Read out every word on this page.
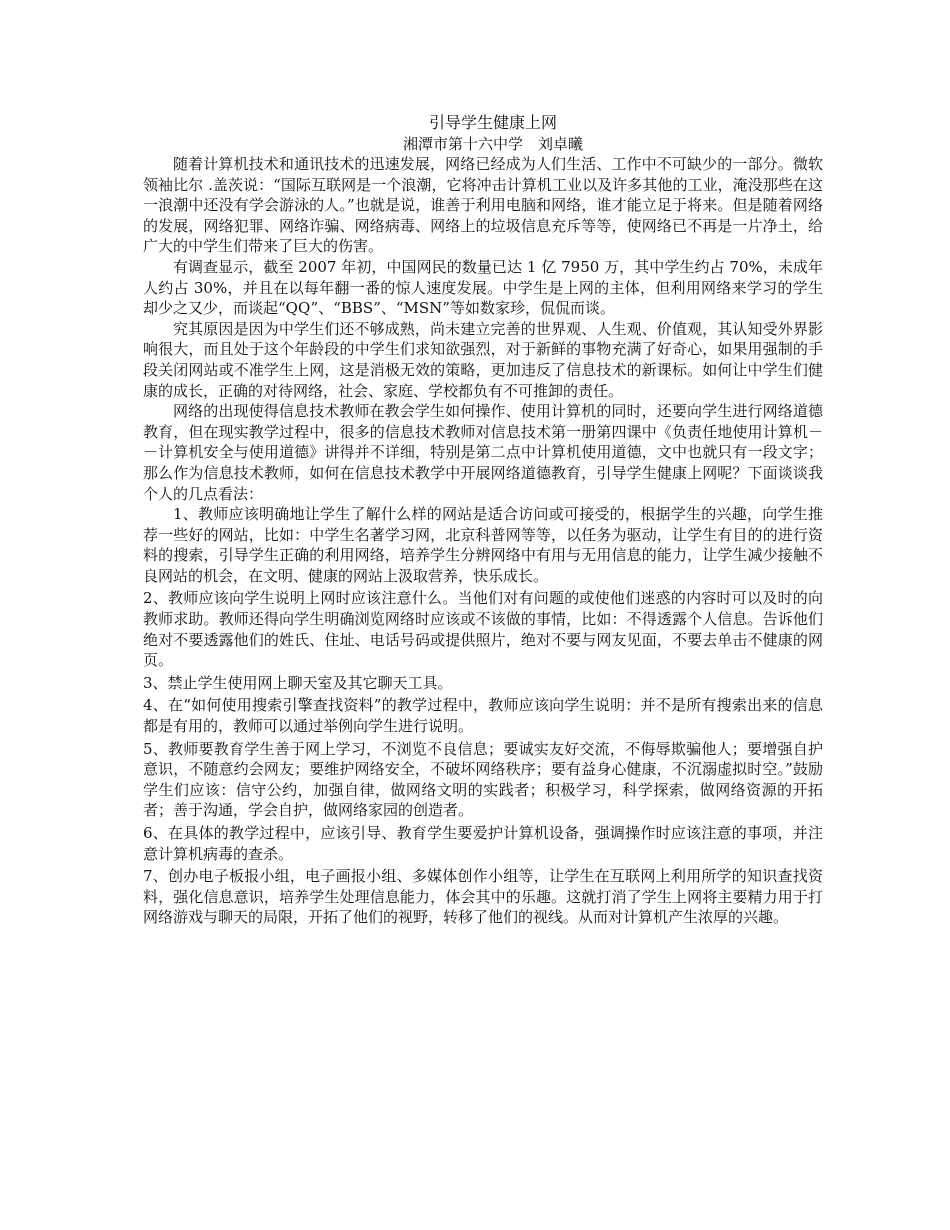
引导学生健康上网
湘潭市第十六中学　刘卓曦

随着计算机技术和通讯技术的迅速发展，网络已经成为人们生活、工作中不可缺少的一部分。微软领袖比尔 .盖茨说：“国际互联网是一个浪潮，它将冲击计算机工业以及许多其他的工业，淹没那些在这一浪潮中还没有学会游泳的人。”也就是说，谁善于利用电脑和网络，谁才能立足于将来。但是随着网络的发展，网络犯罪、网络诈骗、网络病毒、网络上的垃圾信息充斥等等，使网络已不再是一片净土，给广大的中学生们带来了巨大的伤害。

有调查显示，截至 2007 年初，中国网民的数量已达 1 亿 7950 万，其中学生约占 70%，未成年人约占 30%，并且在以每年翻一番的惊人速度发展。中学生是上网的主体，但利用网络来学习的学生却少之又少，而谈起“QQ”、“BBS”、“MSN”等如数家珍，侃侃而谈。

究其原因是因为中学生们还不够成熟，尚未建立完善的世界观、人生观、价值观，其认知受外界影响很大，而且处于这个年龄段的中学生们求知欲强烈，对于新鲜的事物充满了好奇心，如果用强制的手段关闭网站或不准学生上网，这是消极无效的策略，更加违反了信息技术的新课标。如何让中学生们健康的成长，正确的对待网络，社会、家庭、学校都负有不可推卸的责任。

网络的出现使得信息技术教师在教会学生如何操作、使用计算机的同时，还要向学生进行网络道德教育，但在现实教学过程中，很多的信息技术教师对信息技术第一册第四课中《负责任地使用计算机－－计算机安全与使用道德》讲得并不详细，特别是第二点中计算机使用道德，文中也就只有一段文字；那么作为信息技术教师，如何在信息技术教学中开展网络道德教育，引导学生健康上网呢？下面谈谈我个人的几点看法：

1、教师应该明确地让学生了解什么样的网站是适合访问或可接受的，根据学生的兴趣，向学生推荐一些好的网站，比如：中学生名著学习网，北京科普网等等，以任务为驱动，让学生有目的的进行资料的搜索，引导学生正确的利用网络，培养学生分辨网络中有用与无用信息的能力，让学生减少接触不良网站的机会，在文明、健康的网站上汲取营养，快乐成长。

2、教师应该向学生说明上网时应该注意什么。当他们对有问题的或使他们迷惑的内容时可以及时的向教师求助。教师还得向学生明确浏览网络时应该或不该做的事情，比如：不得透露个人信息。告诉他们绝对不要透露他们的姓氏、住址、电话号码或提供照片，绝对不要与网友见面，不要去单击不健康的网页。

3、禁止学生使用网上聊天室及其它聊天工具。

4、在“如何使用搜索引擎查找资料”的教学过程中，教师应该向学生说明：并不是所有搜索出来的信息都是有用的，教师可以通过举例向学生进行说明。

5、教师要教育学生善于网上学习，不浏览不良信息；要诚实友好交流，不侮辱欺骗他人；要增强自护意识，不随意约会网友；要维护网络安全，不破坏网络秩序；要有益身心健康，不沉溺虚拟时空。”鼓励学生们应该：信守公约，加强自律，做网络文明的实践者；积极学习，科学探索，做网络资源的开拓者；善于沟通，学会自护，做网络家园的创造者。

6、在具体的教学过程中，应该引导、教育学生要爱护计算机设备，强调操作时应该注意的事项，并注意计算机病毒的查杀。

7、创办电子板报小组，电子画报小组、多媒体创作小组等，让学生在互联网上利用所学的知识查找资料，强化信息意识，培养学生处理信息能力，体会其中的乐趣。这就打消了学生上网将主要精力用于打网络游戏与聊天的局限，开拓了他们的视野，转移了他们的视线。从而对计算机产生浓厚的兴趣。
